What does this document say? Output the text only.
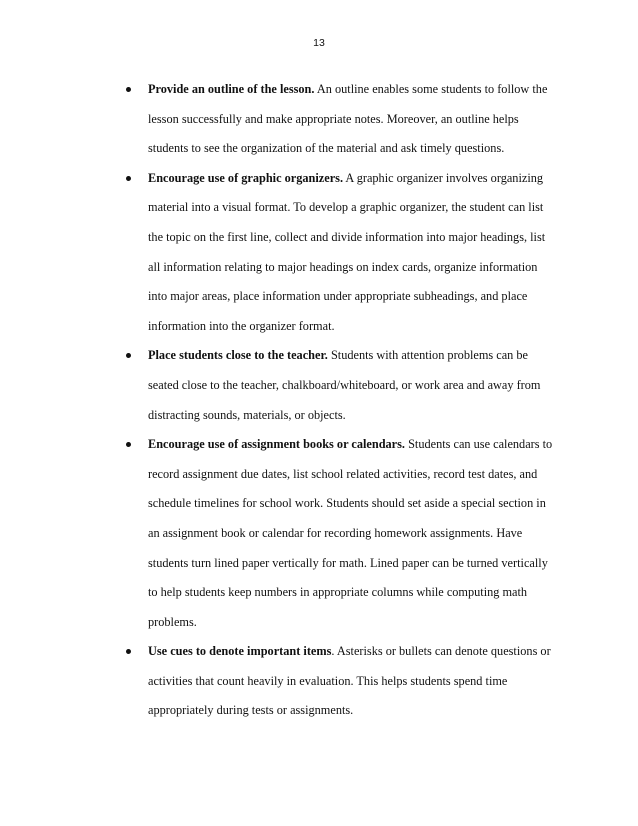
13
Provide an outline of the lesson. An outline enables some students to follow the
lesson successfully and make appropriate notes. Moreover, an outline helps
students to see the organization of the material and ask timely questions.
Encourage use of graphic organizers. A graphic organizer involves organizing
material into a visual format. To develop a graphic organizer, the student can list
the topic on the first line, collect and divide information into major headings, list
all information relating to major headings on index cards, organize information
into major areas, place information under appropriate subheadings, and place
information into the organizer format.
Place students close to the teacher. Students with attention problems can be
seated close to the teacher, chalkboard/whiteboard, or work area and away from
distracting sounds, materials, or objects.
Encourage use of assignment books or calendars. Students can use calendars to
record assignment due dates, list school related activities, record test dates, and
schedule timelines for school work. Students should set aside a special section in
an assignment book or calendar for recording homework assignments. Have
students turn lined paper vertically for math. Lined paper can be turned vertically
to help students keep numbers in appropriate columns while computing math
problems.
Use cues to denote important items. Asterisks or bullets can denote questions or
activities that count heavily in evaluation. This helps students spend time
appropriately during tests or assignments.
